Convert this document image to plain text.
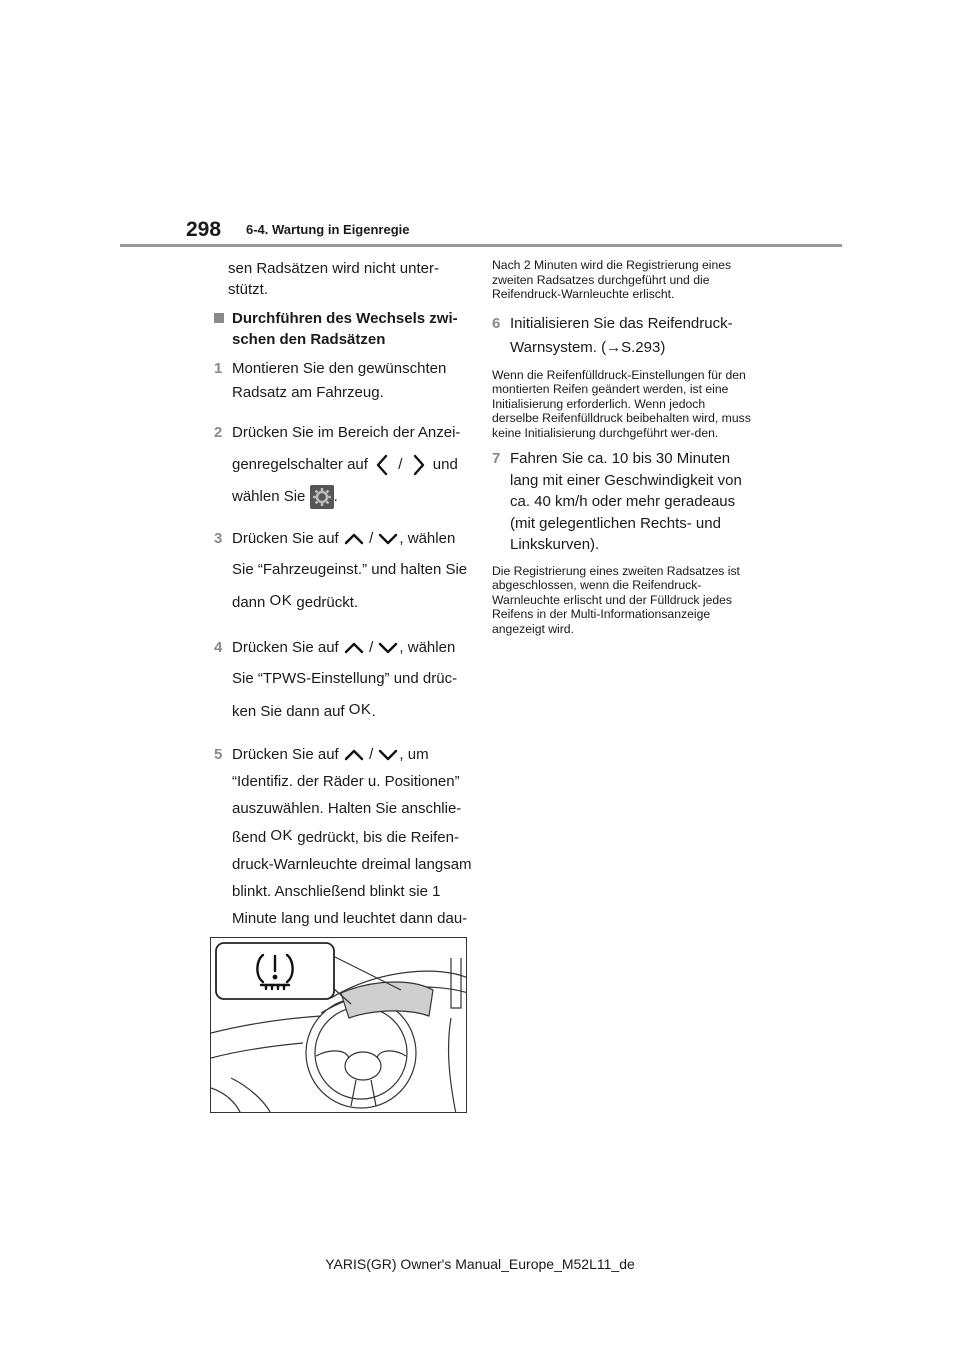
298 6-4. Wartung in Eigenregie

sen Radsätzen wird nicht unter-

stützt.

Durchführen des Wechsels zwi-
schen den Radsätzen
1 Montieren Sie den gewünschten
Radsatz am Fahrzeug.
2 Drücken Sie im Bereich der Anzei-
genregelschalter auf / und
wählen Sie .
3 Drücken Sie auf / , wählen
Sie “Fahrzeugeinst.” und halten Sie
dann OK gedrückt.
4 Drücken Sie auf / , wählen
Sie “TPWS-Einstellung” und drüc-
ken Sie dann auf OK.
5 Drücken Sie auf / , um
“Identifiz. der Räder u. Positionen”
auszuwählen. Halten Sie anschlie-
ßend OK gedrückt, bis die Reifen-
druck-Warnleuchte dreimal langsam
blinkt. Anschließend blinkt sie 1
Minute lang und leuchtet dann dau-

Nach 2 Minuten wird die Registrierung eines zweiten Radsatzes durchgeführt und die Reifendruck-Warnleuchte erlischt.

6 Initialisieren Sie das Reifendruck-
Warnsystem. (→S.293)

Wenn die Reifenfülldruck-Einstellungen für den montierten Reifen geändert werden, ist eine Initialisierung erforderlich. Wenn jedoch derselbe Reifenfülldruck beibehalten wird, muss keine Initialisierung durchgeführt wer-den.

7 Fahren Sie ca. 10 bis 30 Minuten
lang mit einer Geschwindigkeit von
ca. 40 km/h oder mehr geradeaus
(mit gelegentlichen Rechts- und
Linkskurven).

Die Registrierung eines zweiten Radsatzes ist abgeschlossen, wenn die Reifendruck-Warnleuchte erlischt und der Fülldruck jedes Reifens in der Multi-Informationsanzeige angezeigt wird.

YARIS(GR) Owner's Manual_Europe_M52L11_de
